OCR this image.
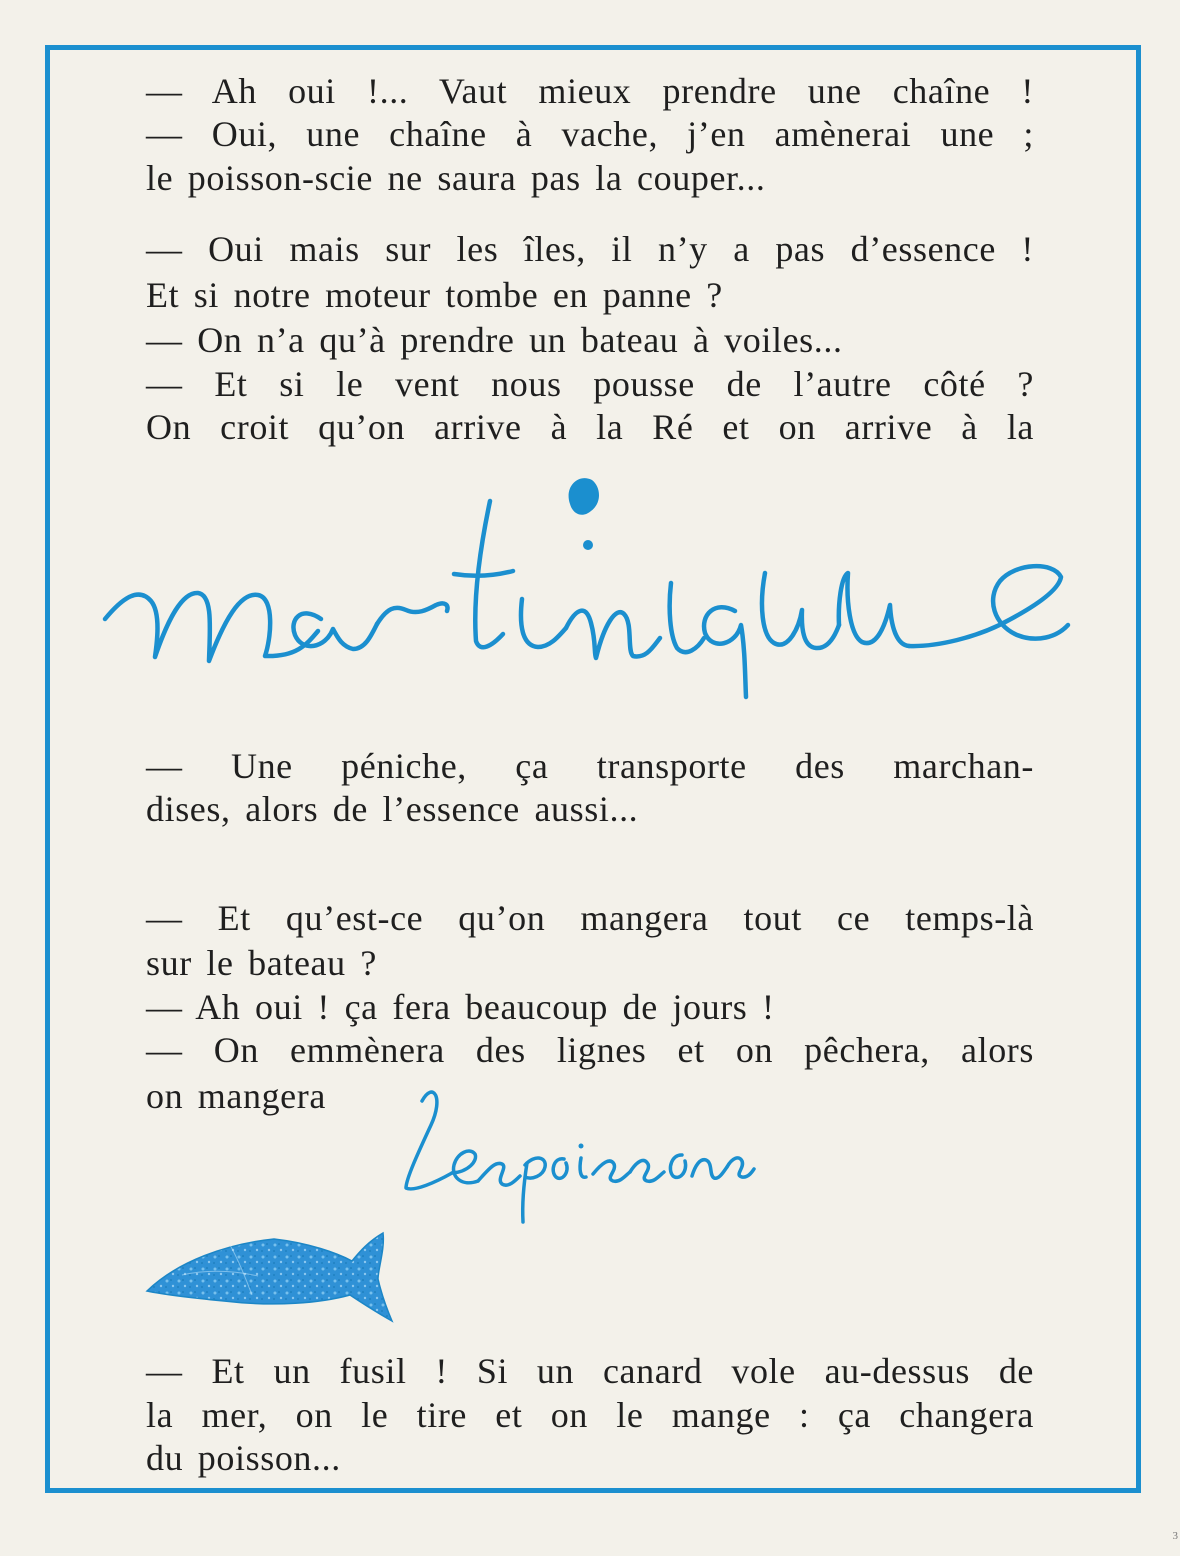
— Ah oui !... Vaut mieux prendre une chaîne !
— Oui, une chaîne à vache, j’en amènerai une ;
le poisson-scie ne saura pas la couper...
— Oui mais sur les îles, il n’y a pas d’essence !
Et si notre moteur tombe en panne ?
— On n’a qu’à prendre un bateau à voiles...
— Et si le vent nous pousse de l’autre côté ?
On croit qu’on arrive à la Ré et on arrive à la
— Une péniche, ça transporte des marchan-
dises, alors de l’essence aussi...
— Et qu’est-ce qu’on mangera tout ce temps-là
sur le bateau ?
— Ah oui ! ça fera beaucoup de jours !
— On emmènera des lignes et on pêchera, alors
on mangera
— Et un fusil ! Si un canard vole au-dessus de
la mer, on le tire et on le mange : ça changera
du poisson...
3
